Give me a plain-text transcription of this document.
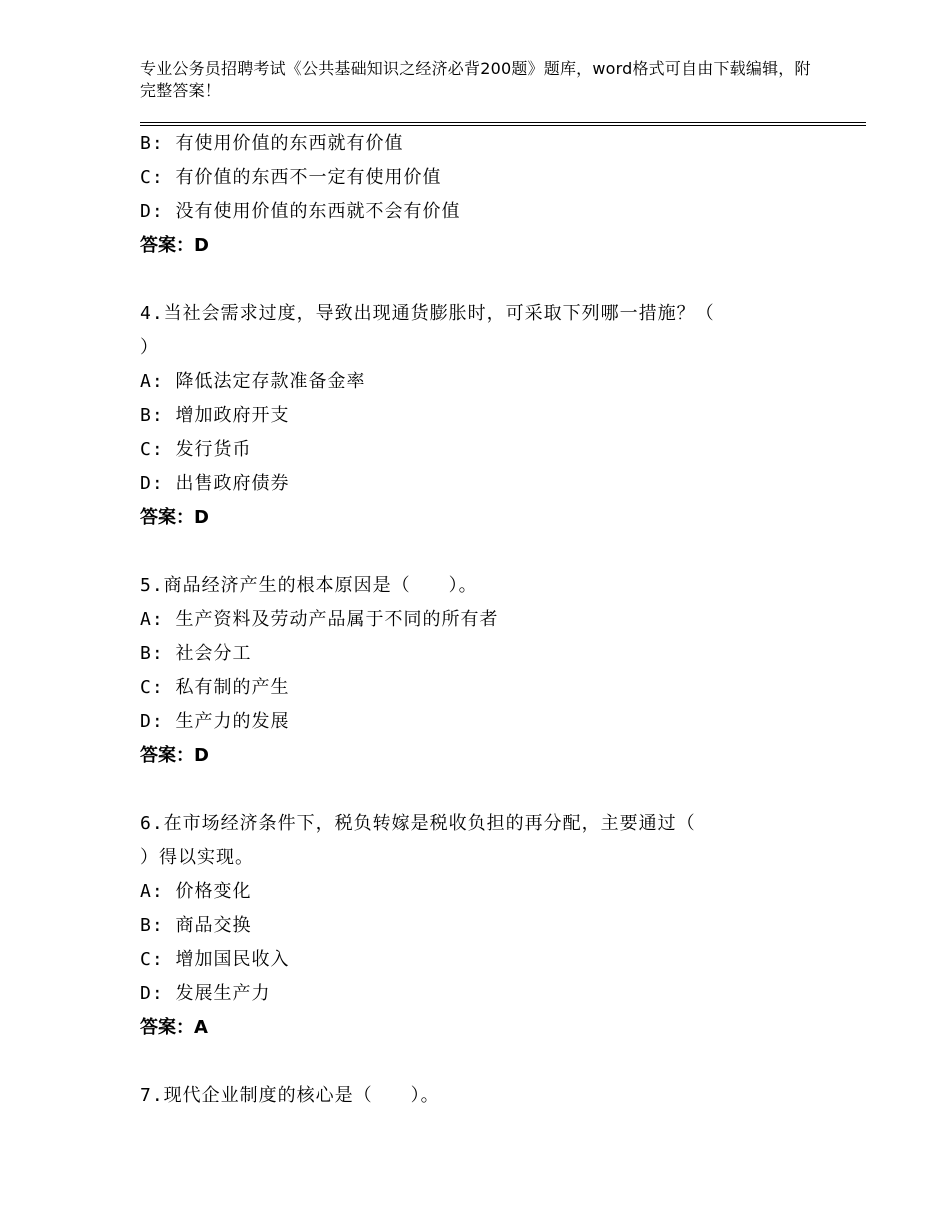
专业公务员招聘考试《公共基础知识之经济必背200题》题库，word格式可自由下载编辑，附完整答案！

B: 有使用价值的东西就有价值

C: 有价值的东西不一定有使用价值

D: 没有使用价值的东西就不会有价值

答案：D

4.当社会需求过度，导致出现通货膨胀时，可采取下列哪一措施？（

）

A: 降低法定存款准备金率

B: 增加政府开支

C: 发行货币

D: 出售政府债券

答案：D

5.商品经济产生的根本原因是（　　）。

A: 生产资料及劳动产品属于不同的所有者

B: 社会分工

C: 私有制的产生

D: 生产力的发展

答案：D

6.在市场经济条件下，税负转嫁是税收负担的再分配，主要通过（

）得以实现。

A: 价格变化

B: 商品交换

C: 增加国民收入

D: 发展生产力

答案：A

7.现代企业制度的核心是（　　）。
